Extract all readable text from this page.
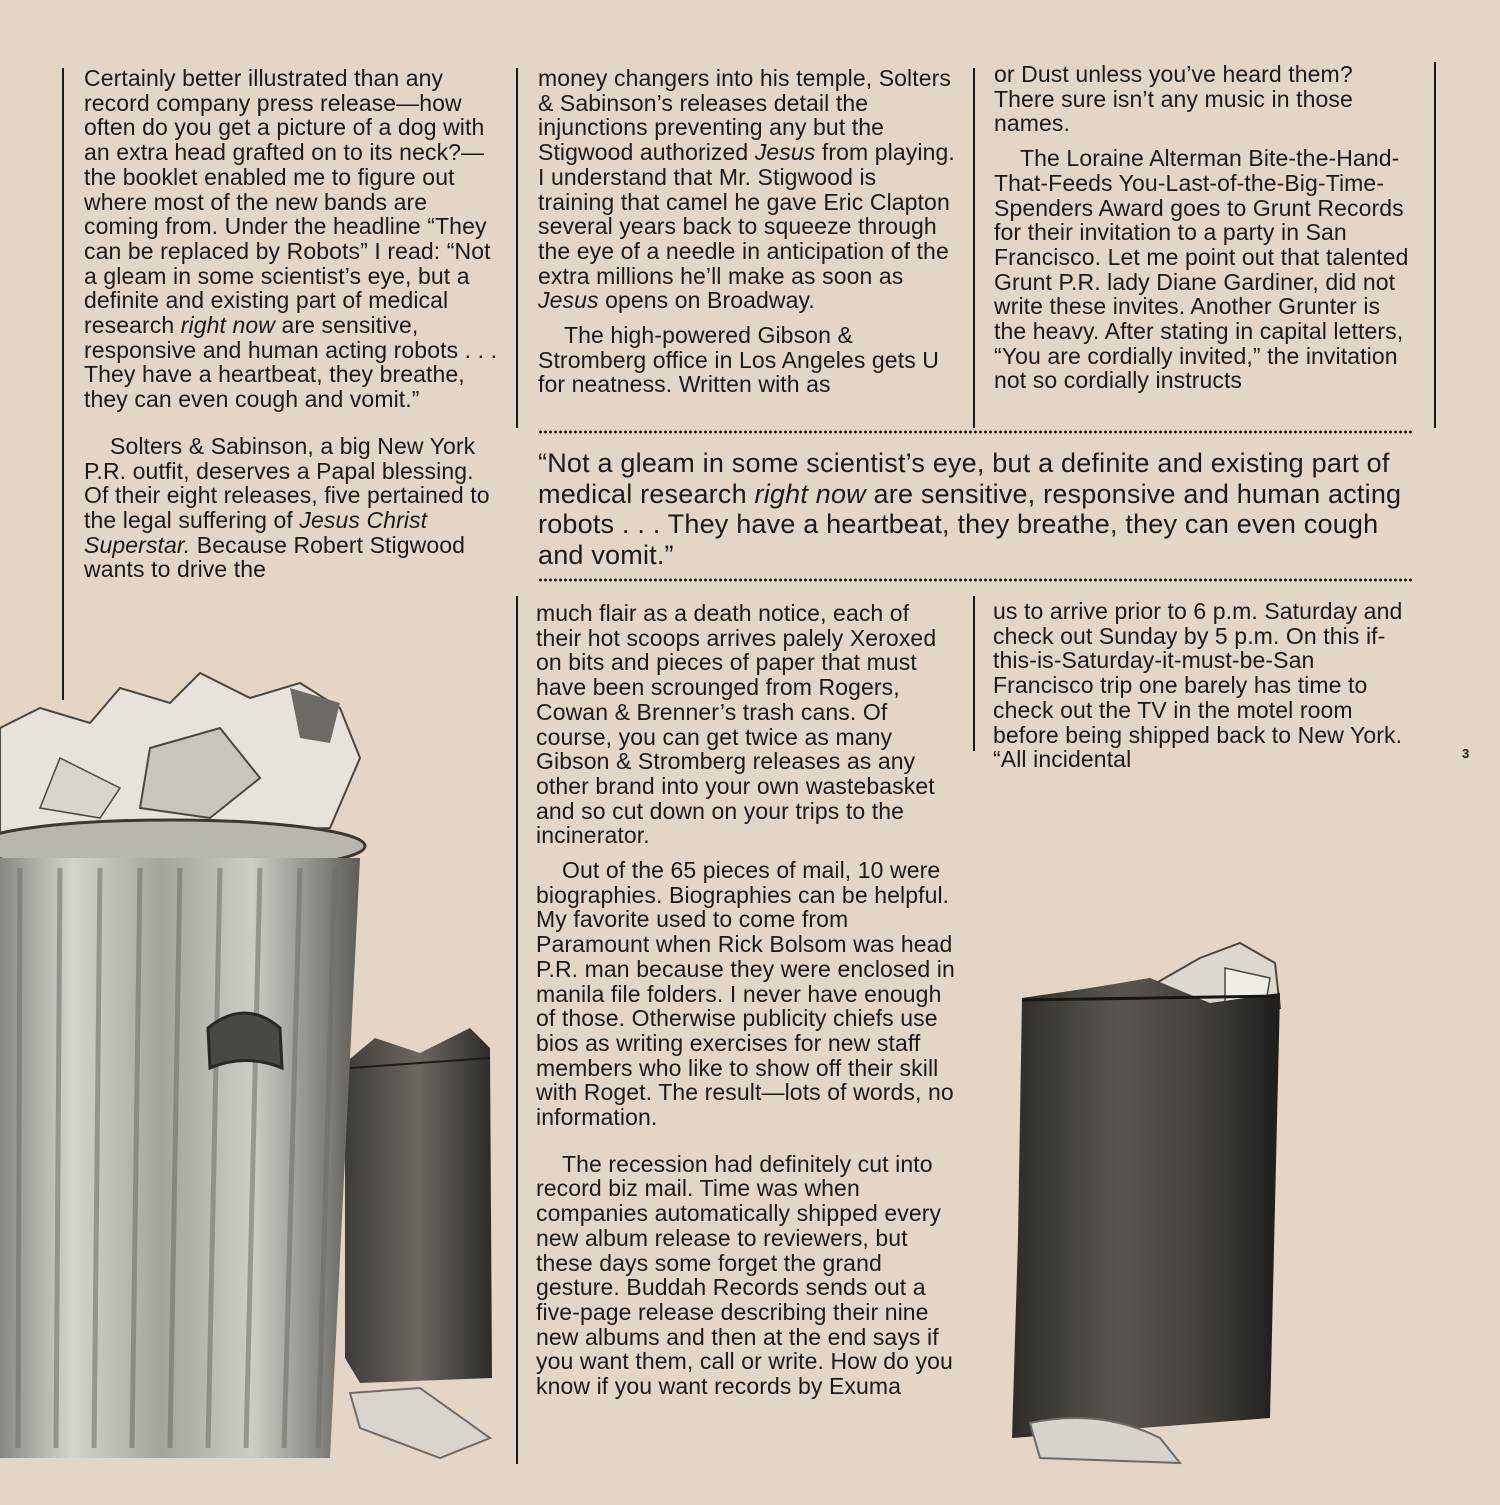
Certainly better illustrated than any record company press release—how often do you get a picture of a dog with an extra head grafted on to its neck?—the booklet enabled me to figure out where most of the new bands are coming from. Under the headline “They can be replaced by Robots” I read: “Not a gleam in some scientist’s eye, but a definite and existing part of medical research right now are sensitive, responsive and human acting robots . . . They have a heartbeat, they breathe, they can even cough and vomit.”

Solters & Sabinson, a big New York P.R. outfit, deserves a Papal blessing. Of their eight releases, five pertained to the legal suffering of Jesus Christ Superstar. Because Robert Stigwood wants to drive the

money changers into his temple, Solters & Sabinson’s releases detail the injunctions preventing any but the Stigwood authorized Jesus from playing. I understand that Mr. Stigwood is training that camel he gave Eric Clapton several years back to squeeze through the eye of a needle in anticipation of the extra millions he’ll make as soon as Jesus opens on Broadway.

The high-powered Gibson & Stromberg office in Los Angeles gets U for neatness. Written with as

or Dust unless you’ve heard them? There sure isn’t any music in those names.

The Loraine Alterman Bite-the-Hand-That-Feeds You-Last-of-the-Big-Time-Spenders Award goes to Grunt Records for their invitation to a party in San Francisco. Let me point out that talented Grunt P.R. lady Diane Gardiner, did not write these invites. Another Grunter is the heavy. After stating in capital letters, “You are cordially invited,” the invitation not so cordially instructs

“Not a gleam in some scientist’s eye, but a definite and existing part of medical research right now are sensitive, responsive and human acting robots . . . They have a heartbeat, they breathe, they can even cough and vomit.”

much flair as a death notice, each of their hot scoops arrives palely Xeroxed on bits and pieces of paper that must have been scrounged from Rogers, Cowan & Brenner’s trash cans. Of course, you can get twice as many Gibson & Stromberg releases as any other brand into your own wastebasket and so cut down on your trips to the incinerator.

Out of the 65 pieces of mail, 10 were biographies. Biographies can be helpful. My favorite used to come from Paramount when Rick Bolsom was head P.R. man because they were enclosed in manila file folders. I never have enough of those. Otherwise publicity chiefs use bios as writing exercises for new staff members who like to show off their skill with Roget. The result—lots of words, no information.

The recession had definitely cut into record biz mail. Time was when companies automatically shipped every new album release to reviewers, but these days some forget the grand gesture. Buddah Records sends out a five-page release describing their nine new albums and then at the end says if you want them, call or write. How do you know if you want records by Exuma

us to arrive prior to 6 p.m. Saturday and check out Sunday by 5 p.m. On this if-this-is-Saturday-it-must-be-San Francisco trip one barely has time to check out the TV in the motel room before being shipped back to New York. “All incidental	3
